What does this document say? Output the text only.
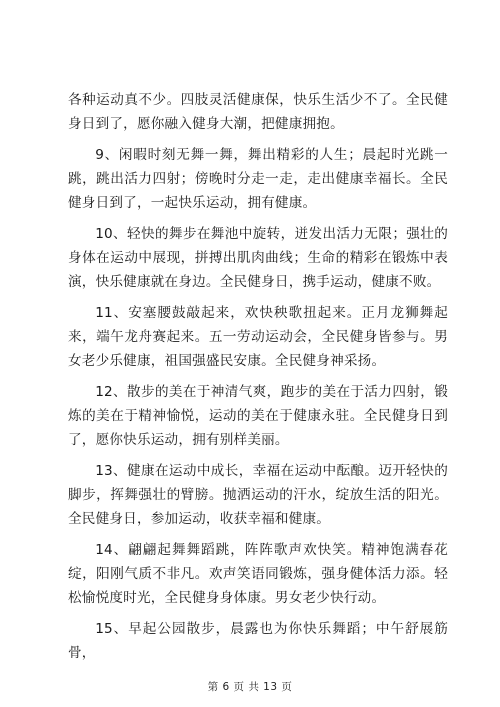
各种运动真不少。四肢灵活健康保，快乐生活少不了。全民健身日到了，愿你融入健身大潮，把健康拥抱。

9、闲暇时刻无舞一舞，舞出精彩的人生；晨起时光跳一跳，跳出活力四射；傍晚时分走一走，走出健康幸福长。全民健身日到了，一起快乐运动，拥有健康。

10、轻快的舞步在舞池中旋转，迸发出活力无限；强壮的身体在运动中展现，拼搏出肌肉曲线；生命的精彩在锻炼中表演，快乐健康就在身边。全民健身日，携手运动，健康不败。

11、安塞腰鼓敲起来，欢快秧歌扭起来。正月龙狮舞起来，端午龙舟赛起来。五一劳动运动会，全民健身皆参与。男女老少乐健康，祖国强盛民安康。全民健身神采扬。

12、散步的美在于神清气爽，跑步的美在于活力四射，锻炼的美在于精神愉悦，运动的美在于健康永驻。全民健身日到了，愿你快乐运动，拥有别样美丽。

13、健康在运动中成长，幸福在运动中酝酿。迈开轻快的脚步，挥舞强壮的臂膀。抛洒运动的汗水，绽放生活的阳光。全民健身日，参加运动，收获幸福和健康。

14、翩翩起舞舞蹈跳，阵阵歌声欢快笑。精神饱满春花绽，阳刚气质不非凡。欢声笑语同锻炼，强身健体活力添。轻松愉悦度时光，全民健身身体康。男女老少快行动。

15、早起公园散步，晨露也为你快乐舞蹈；中午舒展筋骨，

第 6 页 共 13 页
